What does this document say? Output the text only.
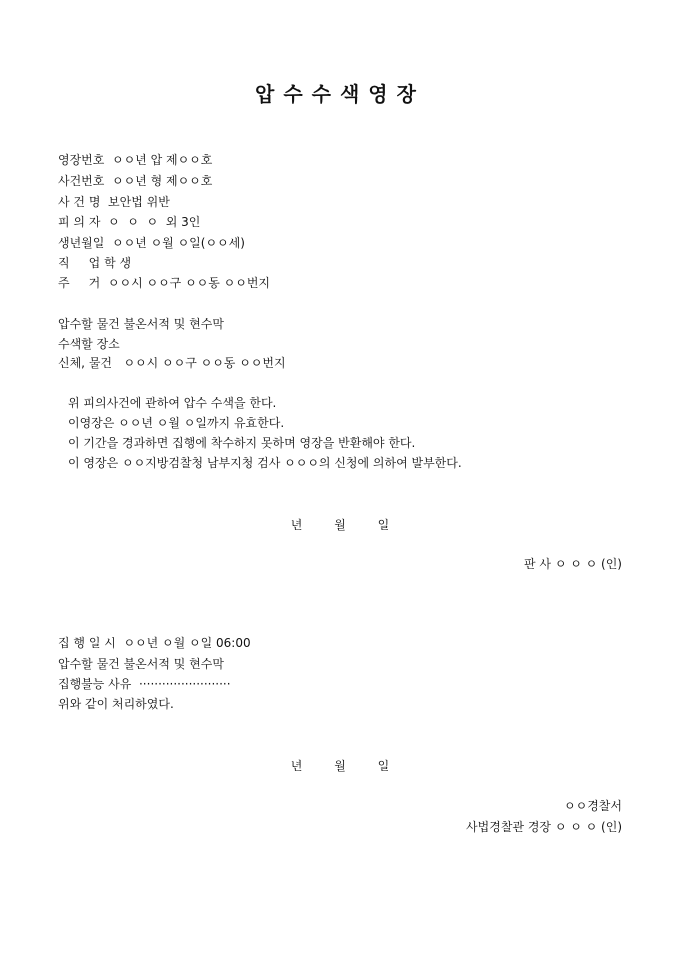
압수수색영장
영장번호  ㅇㅇ년 압 제ㅇㅇ호
사건번호  ㅇㅇ년 형 제ㅇㅇ호
사 건 명  보안법 위반
피 의 자  ㅇ  ㅇ  ㅇ  외 3인
생년월일  ㅇㅇ년 ㅇ월 ㅇ일(ㅇㅇ세)
직     업 학 생
주     거  ㅇㅇ시 ㅇㅇ구 ㅇㅇ동 ㅇㅇ번지
압수할 물건 불온서적 및 현수막
수색할 장소
신체, 물건   ㅇㅇ시 ㅇㅇ구 ㅇㅇ동 ㅇㅇ번지
위 피의사건에 관하여 압수 수색을 한다.
이영장은 ㅇㅇ년 ㅇ월 ㅇ일까지 유효한다.
이 기간을 경과하면 집행에 착수하지 못하며 영장을 반환해야 한다.
이 영장은 ㅇㅇ지방검찰청 남부지청 검사 ㅇㅇㅇ의 신청에 의하여 발부한다.
년 월 일
판 사 ㅇ ㅇ ㅇ (인)
집 행 일 시  ㅇㅇ년 ㅇ월 ㅇ일 06:00
압수할 물건 불온서적 및 현수막
집행불능 사유  ························
위와 같이 처리하였다.
년 월 일
ㅇㅇ경찰서
사법경찰관 경장 ㅇ ㅇ ㅇ (인)
